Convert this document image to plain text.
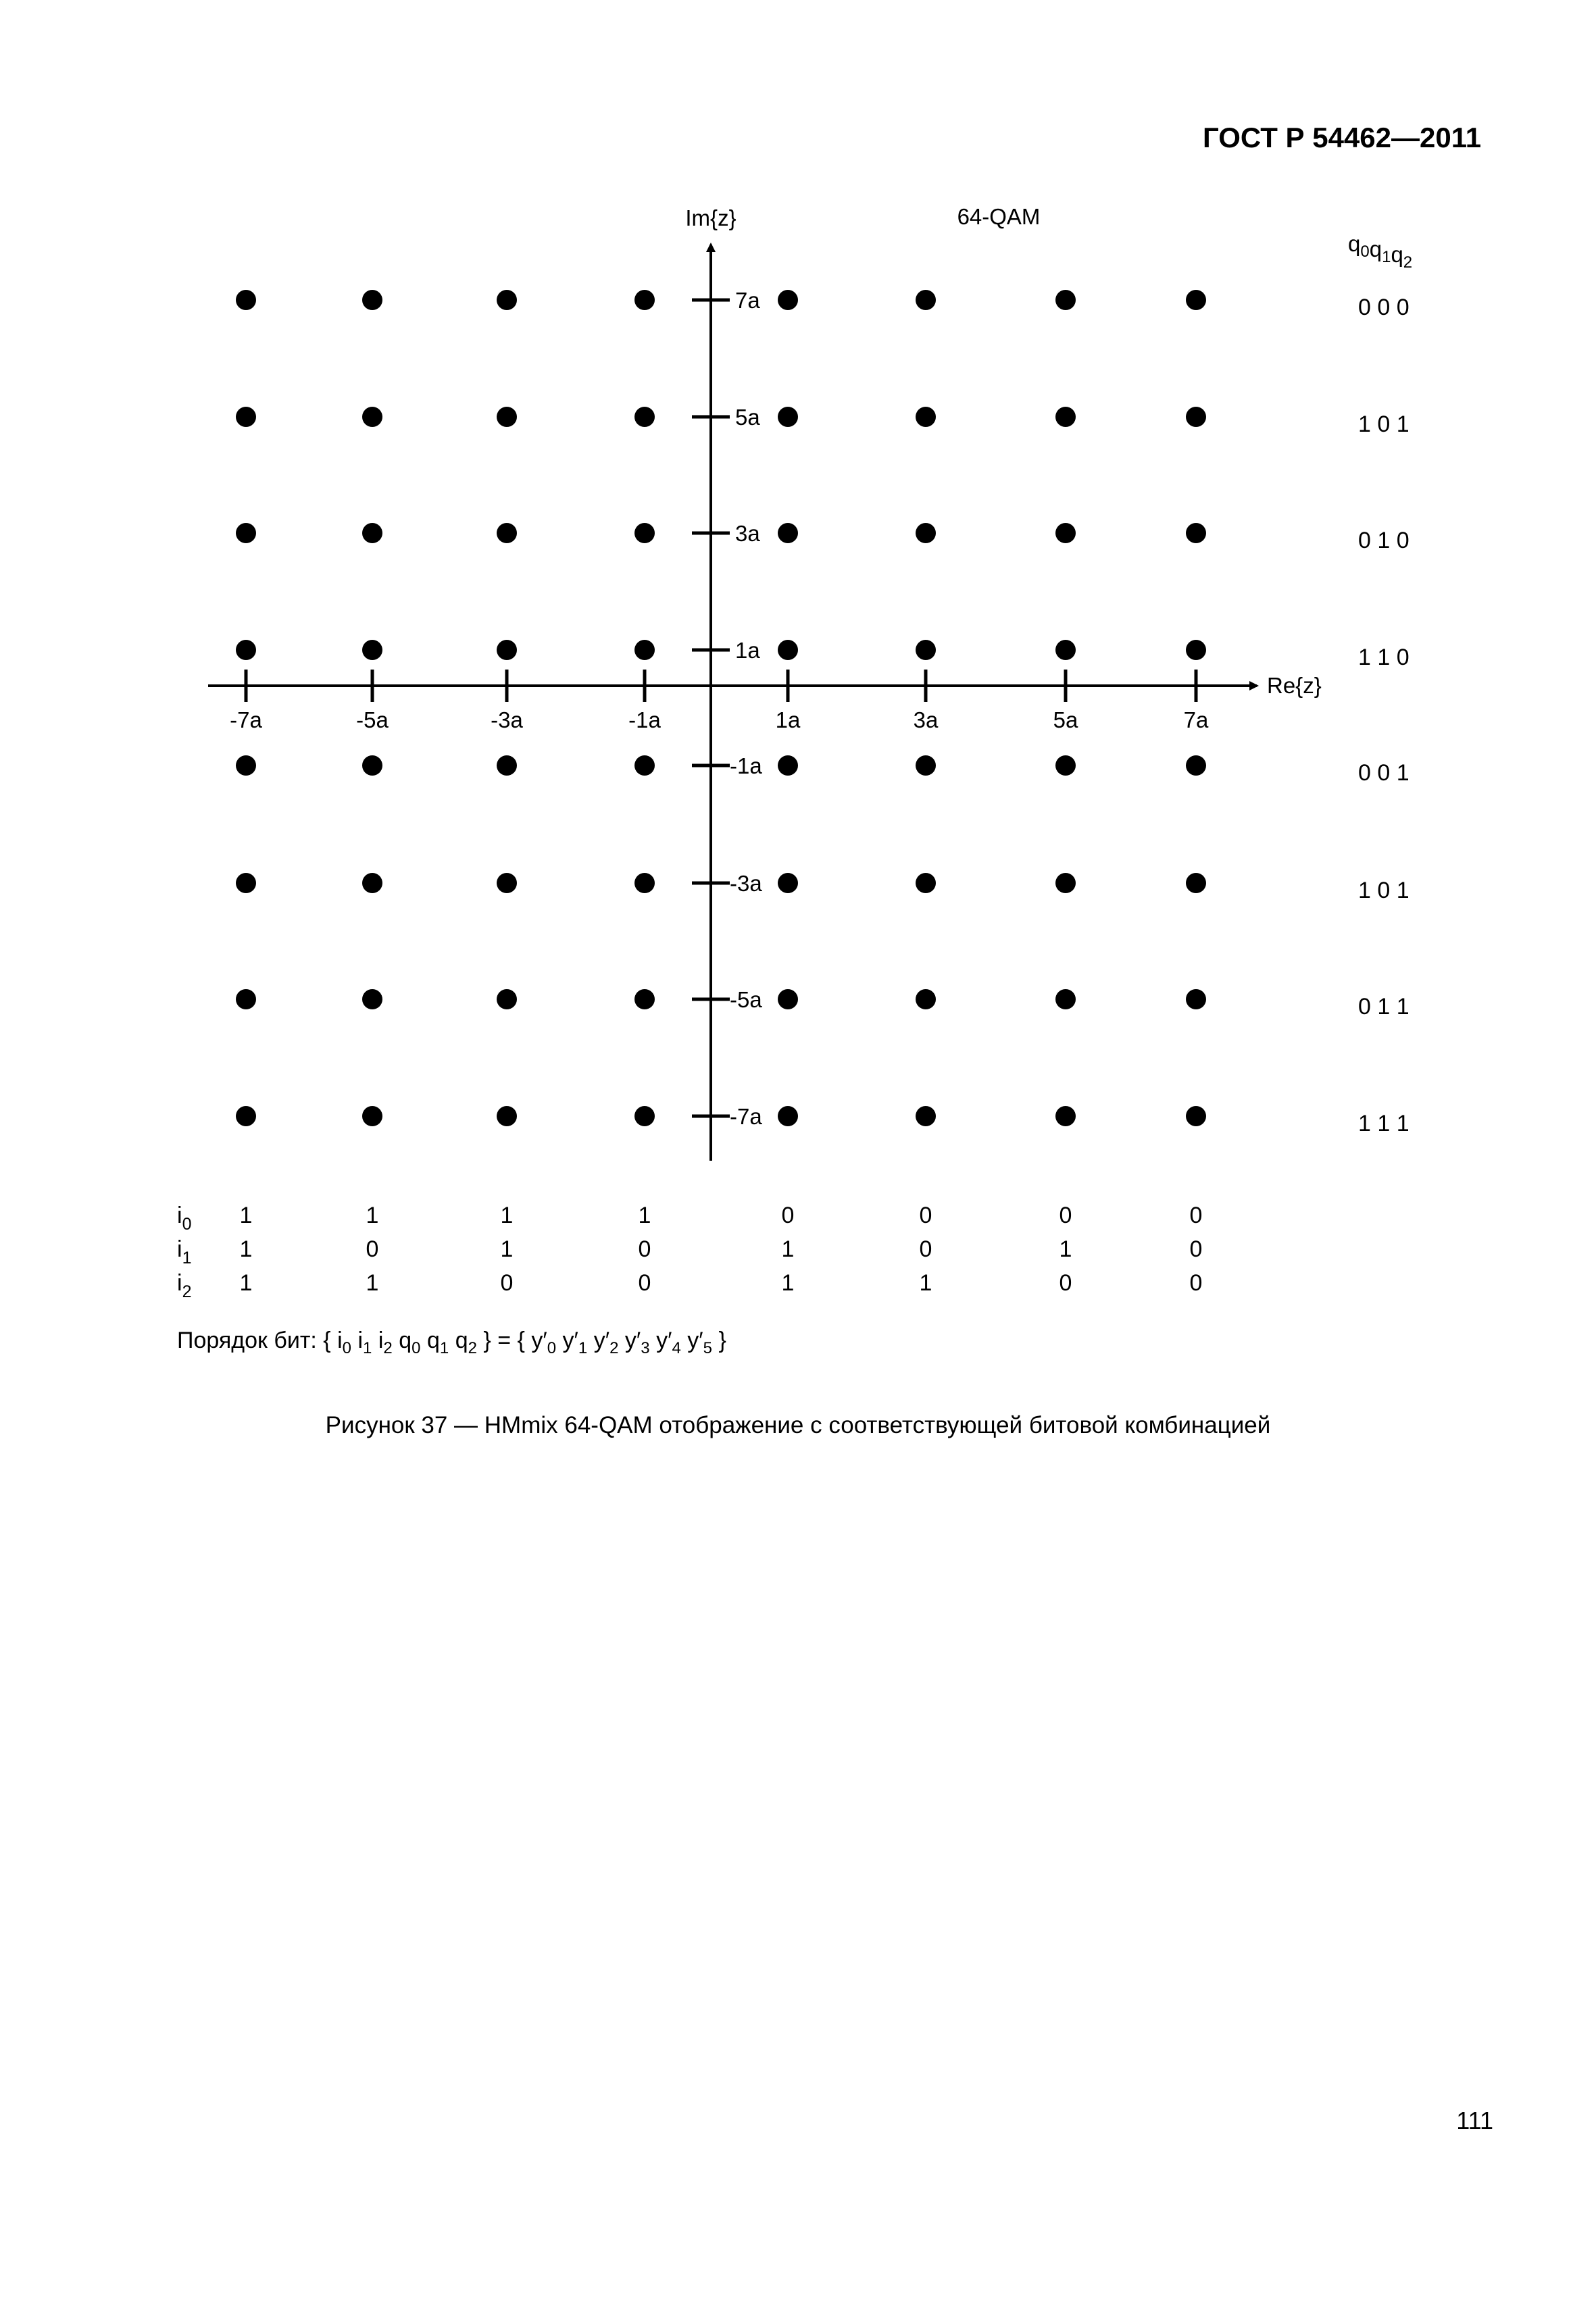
ГОСТ Р 54462—2011
64-QAM
Im{z}
Re{z}
-7a	-5a	-3a	-1a	1a	3a	5a	7a
7a
5a
3a
1a
-1a
-3a
-5a
-7a
$q_0q_1q_2$
0 0 0
1 0 1
0 1 0
1 1 0
0 0 1
1 0 1
0 1 1
1 1 1
$i_0$ 1	1	1	1	0	0	0	0
$i_1$ 1	0	1	0	1	0	1	0
$i_2$ 1	1	0	0	1	1	0	0
Порядок бит: { $i_0$ $i_1$ $i_2$ $q_0$ $q_1$ $q_2$ } = { $y'_0$ $y'_1$ $y'_2$ $y'_3$ $y'_4$ $y'_5$ }
Рисунок 37 — HMmix 64-QAM отображение с соответствующей битовой комбинацией
111
